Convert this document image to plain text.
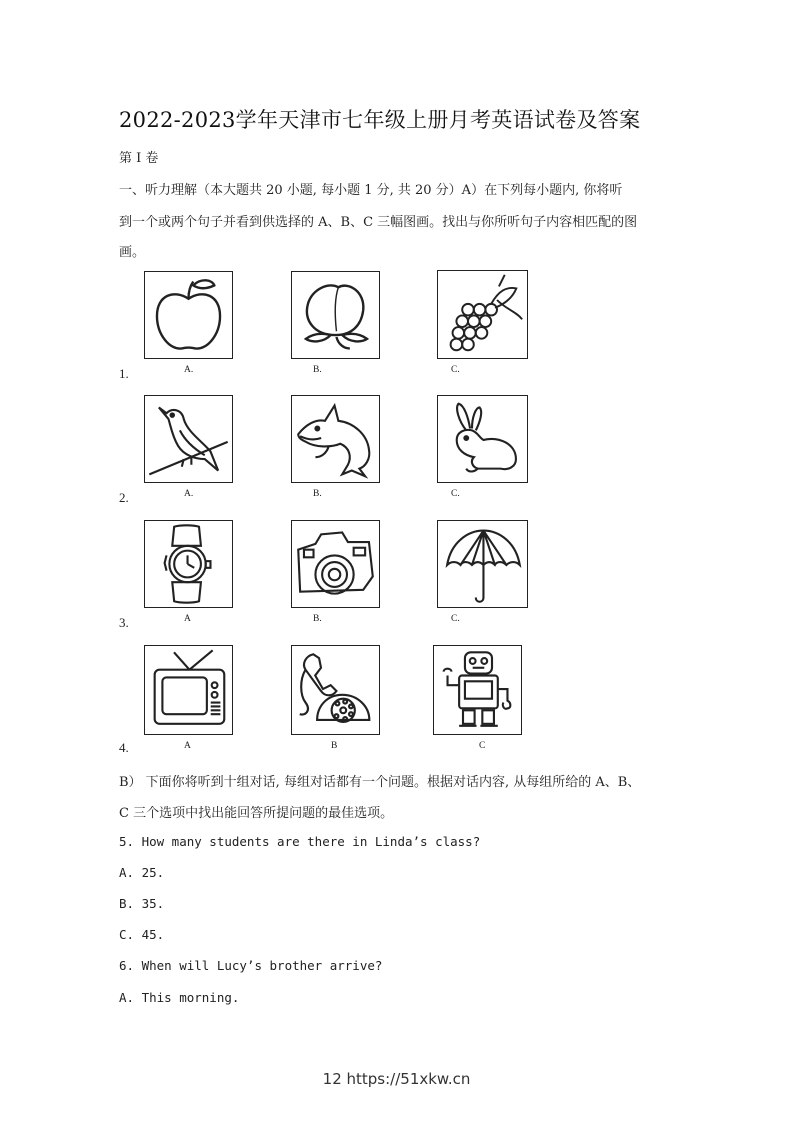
2022-2023学年天津市七年级上册月考英语试卷及答案
第 I 卷
一、听力理解（本大题共 20 小题, 每小题 1 分, 共 20 分）A）在下列每小题内, 你将听
到一个或两个句子并看到供选择的 A、B、C 三幅图画。找出与你所听句子内容相匹配的图
画。
1.	A.	B.	C.
2.	A.	B.	C.
3.	A	B.	C.
4.	A	B	C
B） 下面你将听到十组对话, 每组对话都有一个问题。根据对话内容, 从每组所给的 A、B、
C 三个选项中找出能回答所提问题的最佳选项。
5. How many students are there in Linda’s class?
A. 25.
B. 35.
C. 45.
6. When will Lucy’s brother arrive?
A. This morning.
12 https://51xkw.cn
